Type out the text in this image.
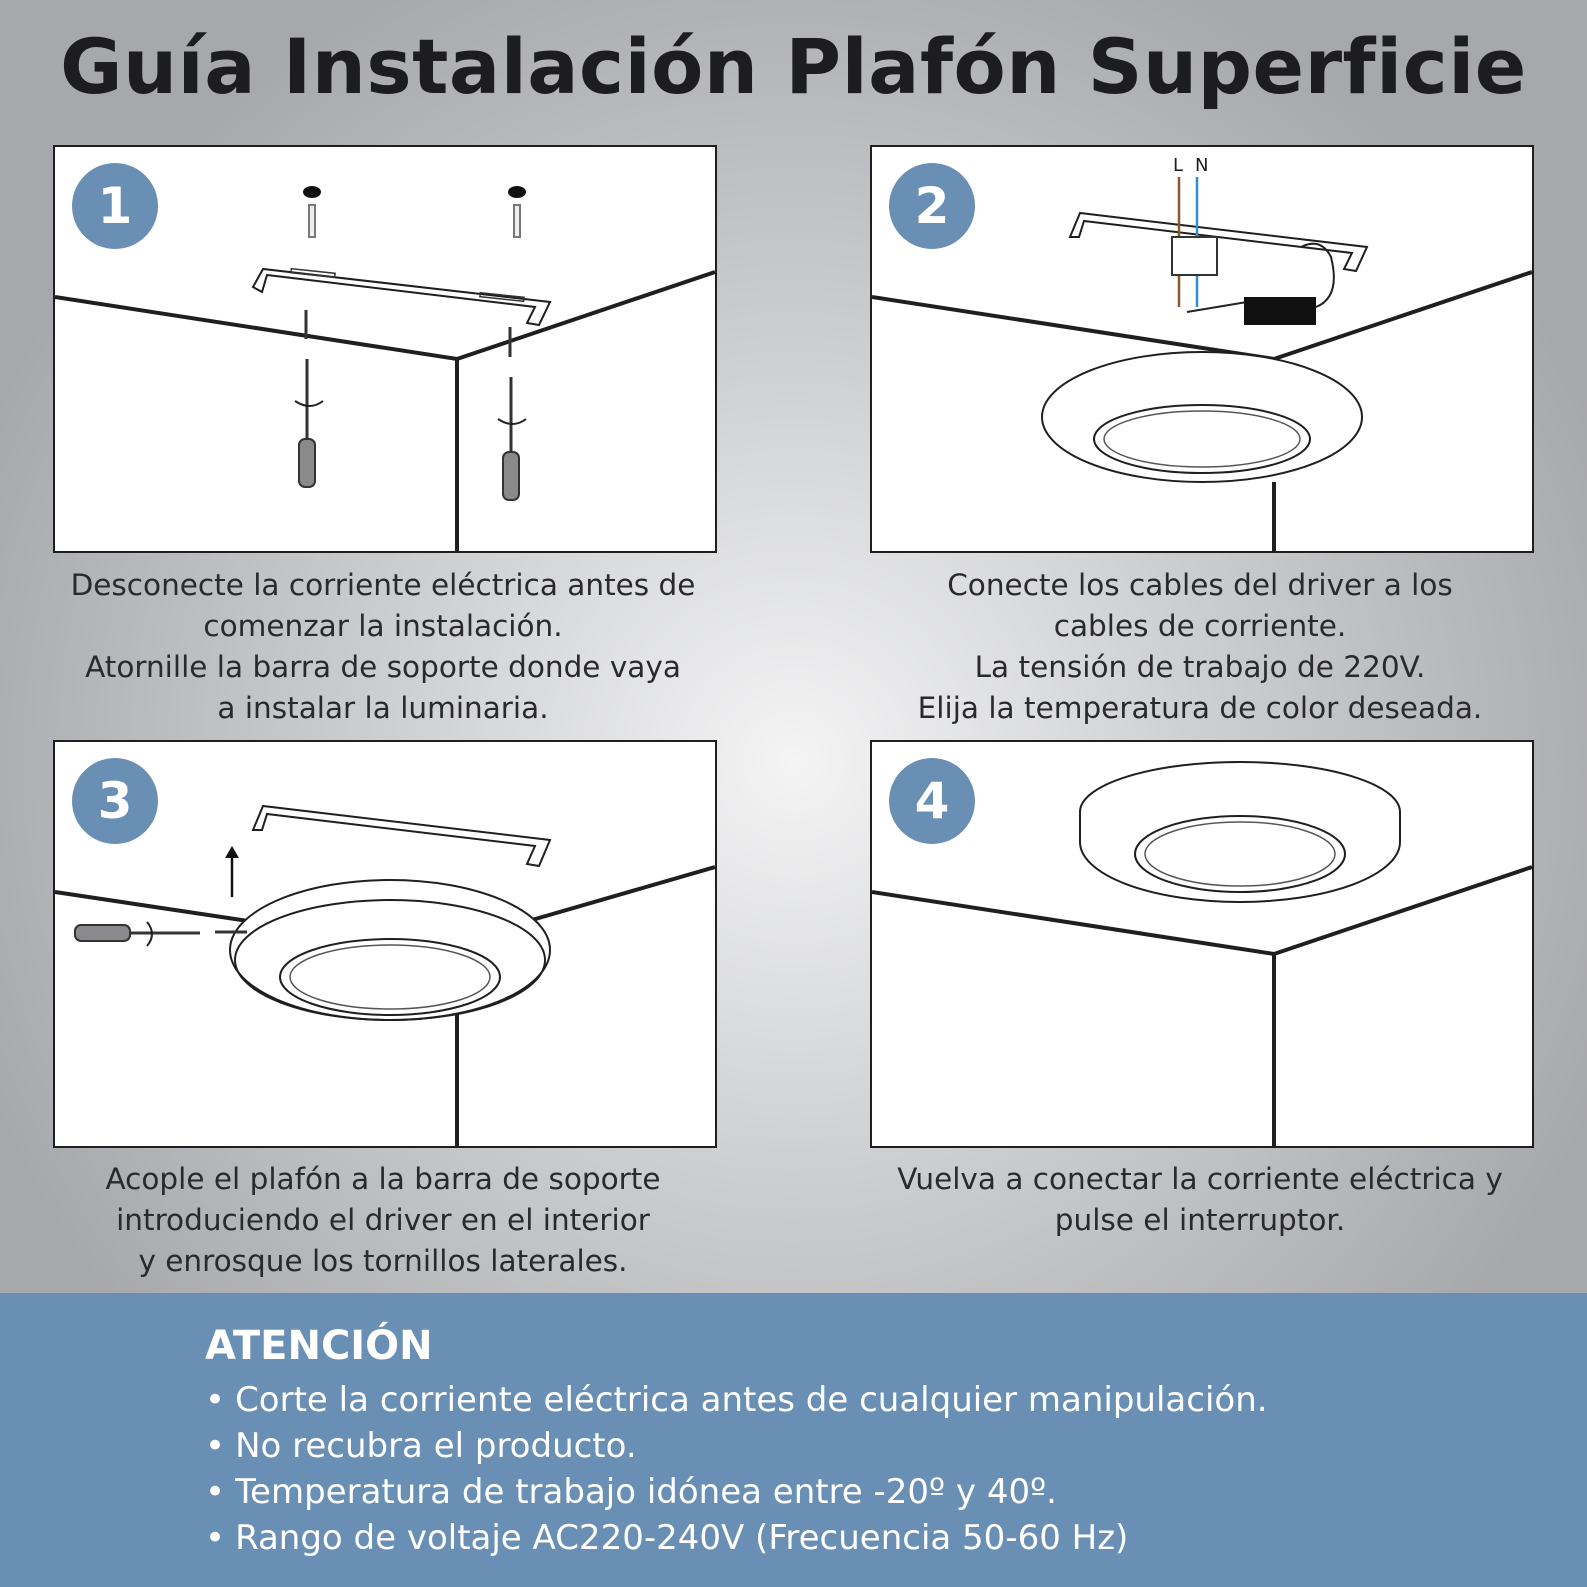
Guía Instalación Plafón Superficie
1
Desconecte la corriente eléctrica antes de
comenzar la instalación.
Atornille la barra de soporte donde vaya
a instalar la luminaria.
L N
2
Conecte los cables del driver a los
cables de corriente.
La tensión de trabajo de 220V.
Elija la temperatura de color deseada.
3
Acople el plafón a la barra de soporte
introduciendo el driver en el interior
y enrosque los tornillos laterales.
4
Vuelva a conectar la corriente eléctrica y
pulse el interruptor.
ATENCIÓN
• Corte la corriente eléctrica antes de cualquier manipulación.
• No recubra el producto.
• Temperatura de trabajo idónea entre -20º y 40º.
• Rango de voltaje AC220-240V (Frecuencia 50-60 Hz)
